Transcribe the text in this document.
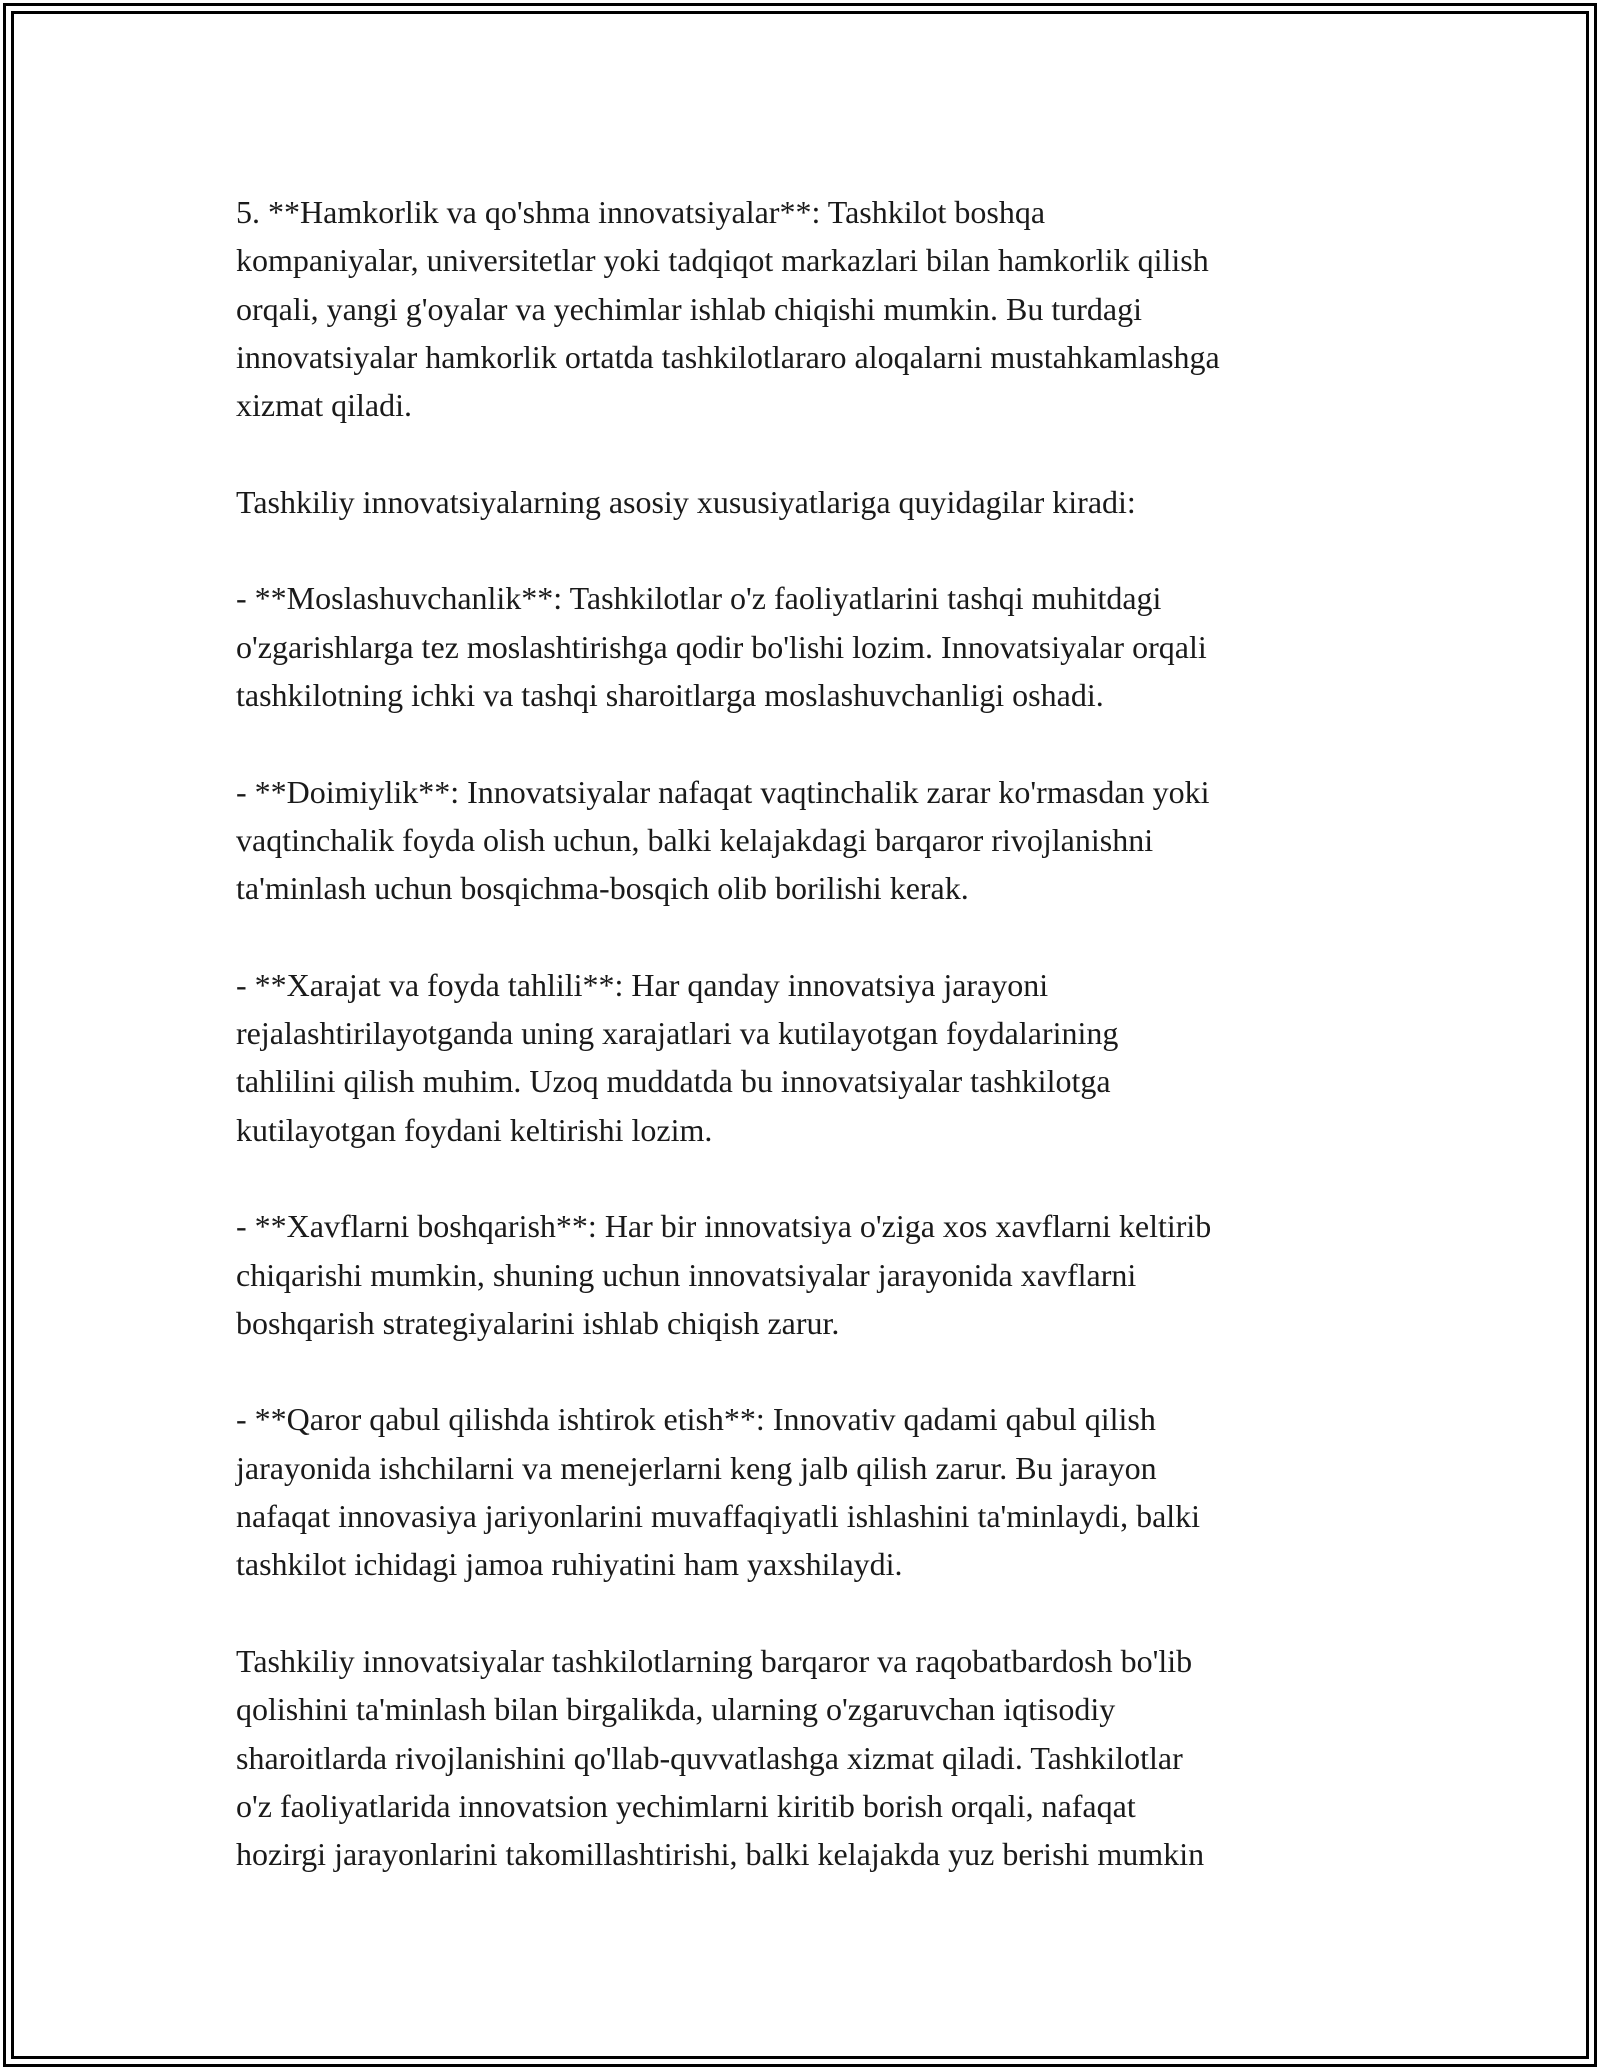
5. **Hamkorlik va qo'shma innovatsiyalar**: Tashkilot boshqa
kompaniyalar, universitetlar yoki tadqiqot markazlari bilan hamkorlik qilish
orqali, yangi g'oyalar va yechimlar ishlab chiqishi mumkin. Bu turdagi
innovatsiyalar hamkorlik ortatda tashkilotlararo aloqalarni mustahkamlashga
xizmat qiladi.

Tashkiliy innovatsiyalarning asosiy xususiyatlariga quyidagilar kiradi:

- **Moslashuvchanlik**: Tashkilotlar o'z faoliyatlarini tashqi muhitdagi
o'zgarishlarga tez moslashtirishga qodir bo'lishi lozim. Innovatsiyalar orqali
tashkilotning ichki va tashqi sharoitlarga moslashuvchanligi oshadi.

- **Doimiylik**: Innovatsiyalar nafaqat vaqtinchalik zarar ko'rmasdan yoki
vaqtinchalik foyda olish uchun, balki kelajakdagi barqaror rivojlanishni
ta'minlash uchun bosqichma-bosqich olib borilishi kerak.

- **Xarajat va foyda tahlili**: Har qanday innovatsiya jarayoni
rejalashtirilayotganda uning xarajatlari va kutilayotgan foydalarining
tahlilini qilish muhim. Uzoq muddatda bu innovatsiyalar tashkilotga
kutilayotgan foydani keltirishi lozim.

- **Xavflarni boshqarish**: Har bir innovatsiya o'ziga xos xavflarni keltirib
chiqarishi mumkin, shuning uchun innovatsiyalar jarayonida xavflarni
boshqarish strategiyalarini ishlab chiqish zarur.

- **Qaror qabul qilishda ishtirok etish**: Innovativ qadami qabul qilish
jarayonida ishchilarni va menejerlarni keng jalb qilish zarur. Bu jarayon
nafaqat innovasiya jariyonlarini muvaffaqiyatli ishlashini ta'minlaydi, balki
tashkilot ichidagi jamoa ruhiyatini ham yaxshilaydi.

Tashkiliy innovatsiyalar tashkilotlarning barqaror va raqobatbardosh bo'lib
qolishini ta'minlash bilan birgalikda, ularning o'zgaruvchan iqtisodiy
sharoitlarda rivojlanishini qo'llab-quvvatlashga xizmat qiladi. Tashkilotlar
o'z faoliyatlarida innovatsion yechimlarni kiritib borish orqali, nafaqat
hozirgi jarayonlarini takomillashtirishi, balki kelajakda yuz berishi mumkin
